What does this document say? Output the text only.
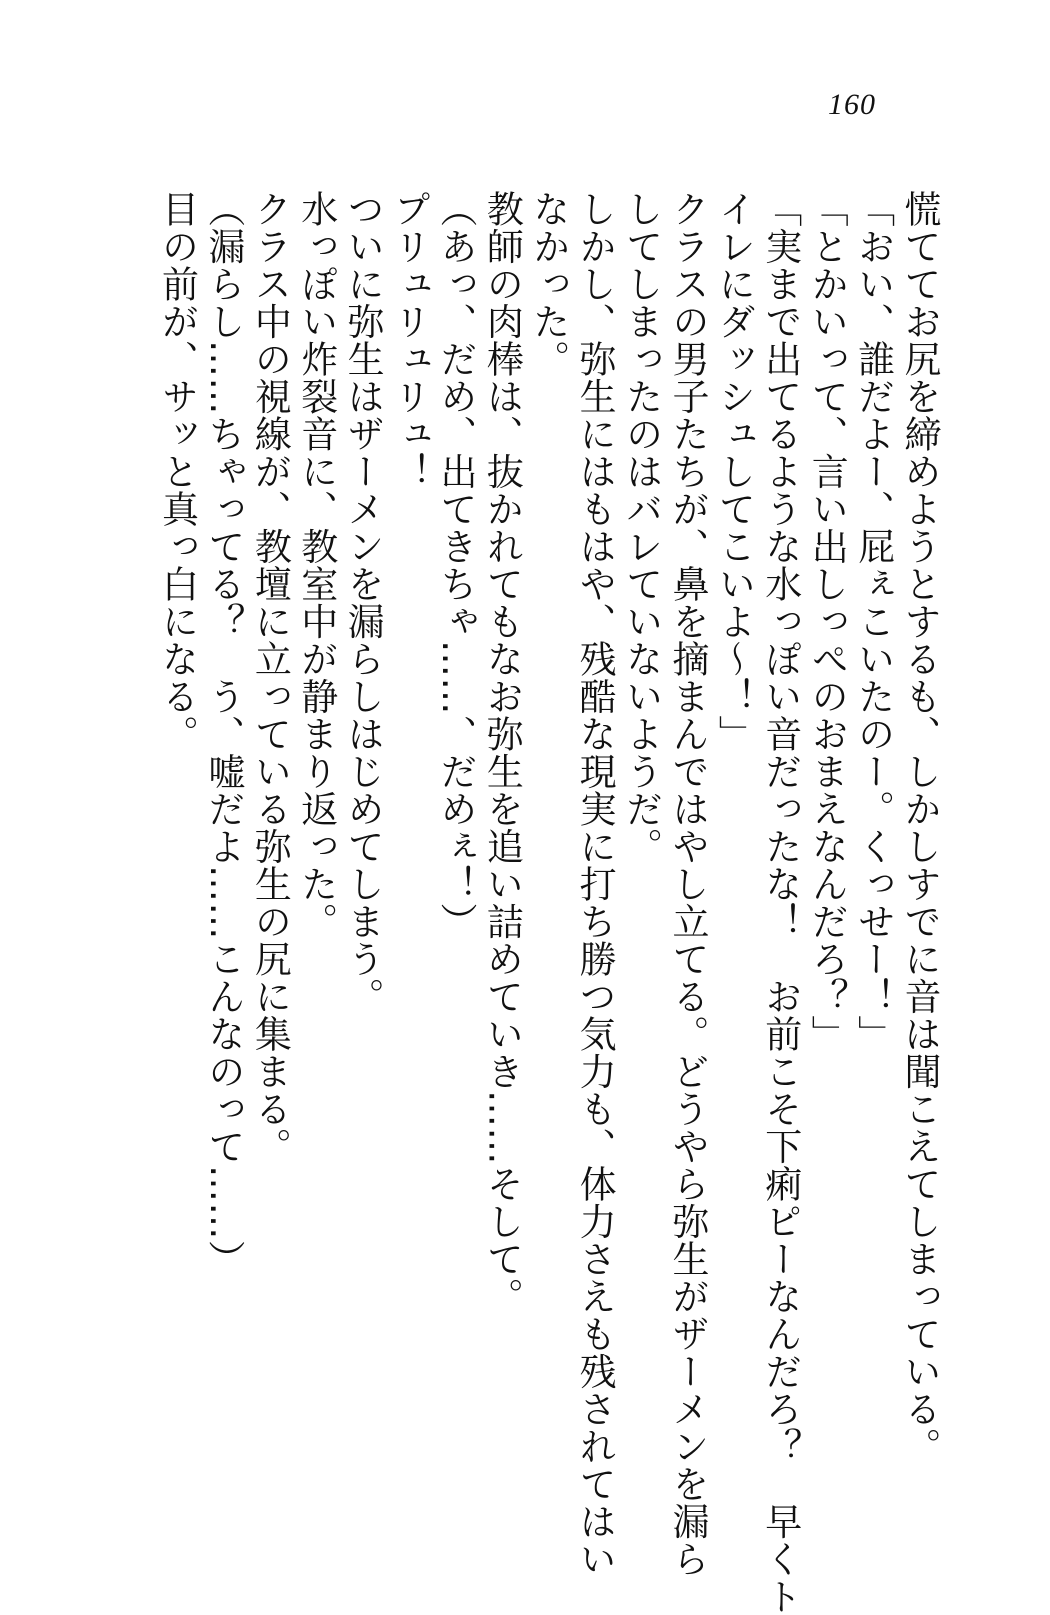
160
慌ててお尻を締めようとするも、しかしすでに音は聞こえてしまっている。
「おい、誰だよー、屁ぇこいたのー。くっせー！」
「とかいって、言い出しっぺのおまえなんだろ？」
「実まで出てるような水っぽい音だったな！　お前こそ下痢ピーなんだろ？　早くト
イレにダッシュしてこいよ～！」
クラスの男子たちが、鼻を摘まんではやし立てる。どうやら弥生がザーメンを漏ら
してしまったのはバレていないようだ。
しかし、弥生にはもはや、残酷な現実に打ち勝つ気力も、体力さえも残されてはい
なかった。
教師の肉棒は、抜かれてもなお弥生を追い詰めていき……そして。
（あっ、だめ、出てきちゃ……、だめぇ！）
プリュリュリュ！
ついに弥生はザーメンを漏らしはじめてしまう。
水っぽい炸裂音に、教室中が静まり返った。
クラス中の視線が、教壇に立っている弥生の尻に集まる。
（漏らし……ちゃってる？　う、嘘だよ……こんなのって……）
目の前が、サッと真っ白になる。
